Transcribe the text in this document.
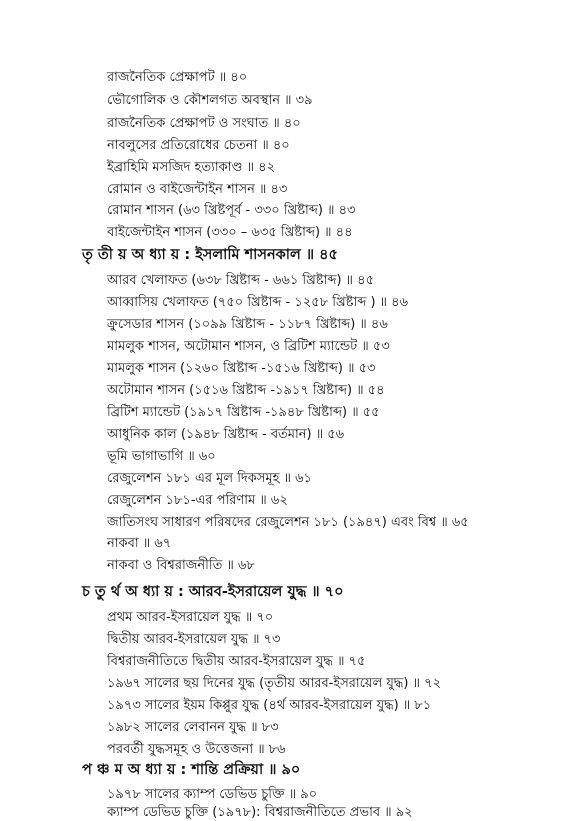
রাজনৈতিক প্রেক্ষাপট ॥ ৪০
ভৌগোলিক ও কৌশলগত অবস্থান ॥ ৩৯
রাজনৈতিক প্রেক্ষাপট ও সংঘাত ॥ ৪০
নাবলুসের প্রতিরোধের চেতনা ॥ ৪০
ইব্রাহিমি মসজিদ হত্যাকাণ্ড ॥ ৪২
রোমান ও বাইজেন্টাইন শাসন ॥ ৪৩
রোমান শাসন (৬৩ খ্রিষ্টপূর্ব - ৩৩০ খ্রিষ্টাব্দ) ॥ ৪৩
বাইজেন্টাইন শাসন (৩৩০ – ৬৩৫ খ্রিষ্টাব্দ) ॥ ৪৪
তৃ তী য় অ ধ্যা য় : ইসলামি শাসনকাল ॥ ৪৫
আরব খেলাফত (৬৩৮ খ্রিষ্টাব্দ - ৬৬১ খ্রিষ্টাব্দ) ॥ ৪৫
আব্বাসিয় খেলাফত (৭৫০ খ্রিষ্টাব্দ - ১২৫৮ খ্রিষ্টাব্দ ) ॥ ৪৬
ক্রুসেডার শাসন (১০৯৯ খ্রিষ্টাব্দ - ১১৮৭ খ্রিষ্টাব্দ) ॥ ৪৬
মামলুক শাসন, অটোমান শাসন, ও ব্রিটিশ ম্যান্ডেট ॥ ৫৩
মামলুক শাসন (১২৬০ খ্রিষ্টাব্দ -১৫১৬ খ্রিষ্টাব্দ) ॥ ৫৩
অটোমান শাসন (১৫১৬ খ্রিষ্টাব্দ -১৯১৭ খ্রিষ্টাব্দ) ॥ ৫৪
ব্রিটিশ ম্যান্ডেট (১৯১৭ খ্রিষ্টাব্দ -১৯৪৮ খ্রিষ্টাব্দ) ॥ ৫৫
আধুনিক কাল (১৯৪৮ খ্রিষ্টাব্দ - বর্তমান) ॥ ৫৬
ভূমি ভাগাভাগি ॥ ৬০
রেজুলেশন ১৮১ এর মূল দিকসমূহ ॥ ৬১
রেজুলেশন ১৮১-এর পরিণাম ॥ ৬২
জাতিসংঘ সাধারণ পরিষদের রেজুলেশন ১৮১ (১৯৪৭) এবং বিশ্ব ॥ ৬৫
নাকবা ॥ ৬৭
নাকবা ও বিশ্বরাজনীতি ॥ ৬৮
চ তু র্থ অ ধ্যা য় : আরব-ইসরায়েল যুদ্ধ ॥ ৭০
প্রথম আরব-ইসরায়েল যুদ্ধ ॥ ৭০
দ্বিতীয় আরব-ইসরায়েল যুদ্ধ ॥ ৭৩
বিশ্বরাজনীতিতে দ্বিতীয় আরব-ইসরায়েল যুদ্ধ ॥ ৭৫
১৯৬৭ সালের ছয় দিনের যুদ্ধ (তৃতীয় আরব-ইসরায়েল যুদ্ধ) ॥ ৭২
১৯৭৩ সালের ইয়ম কিপ্পুর যুদ্ধ (৪র্থ আরব-ইসরায়েল যুদ্ধ) ॥ ৮১
১৯৮২ সালের লেবানন যুদ্ধ ॥ ৮৩
পরবর্তী যুদ্ধসমূহ ও উত্তেজনা ॥ ৮৬
প ঞ্চ ম অ ধ্যা য় : শান্তি প্রক্রিয়া ॥ ৯০
১৯৭৮ সালের ক্যাম্প ডেভিড চুক্তি ॥ ৯০
ক্যাম্প ডেভিড চুক্তি (১৯৭৮): বিশ্বরাজনীতিতে প্রভাব ॥ ৯২
